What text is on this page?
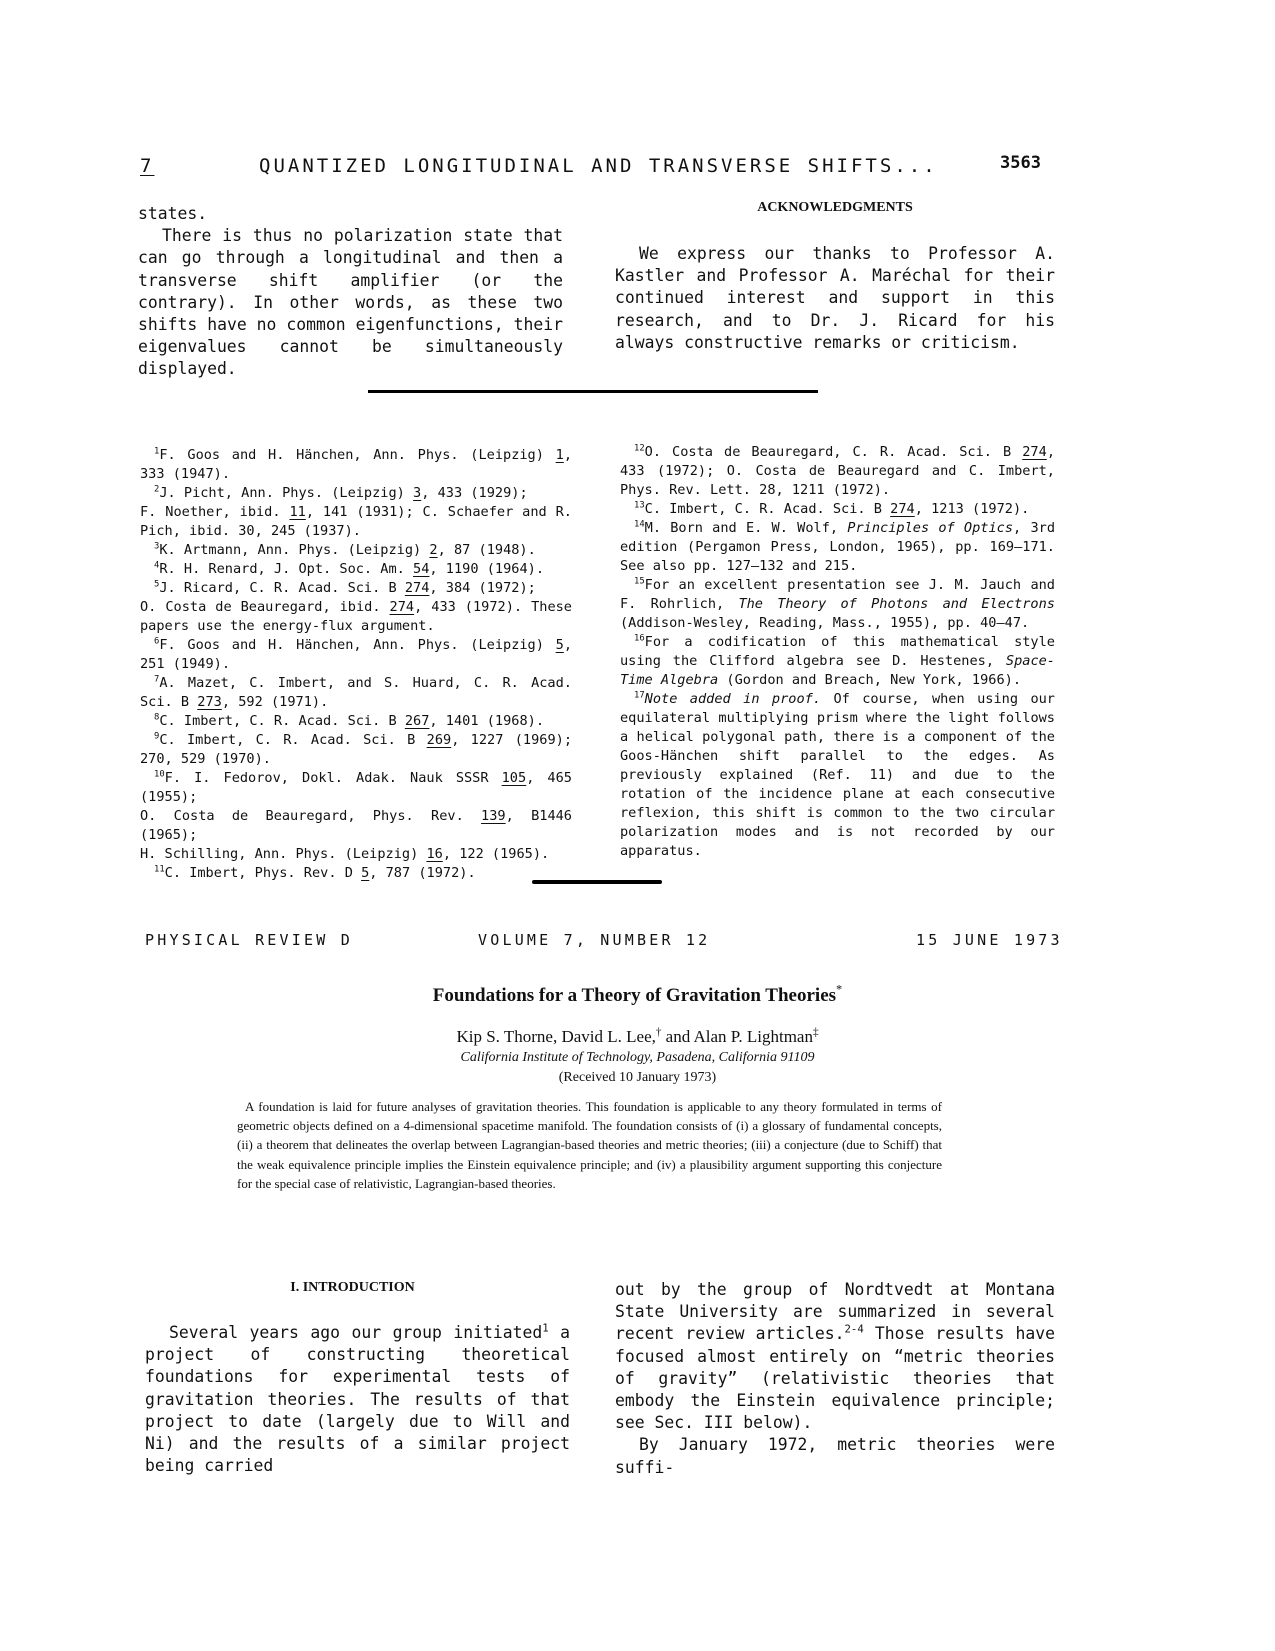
7	QUANTIZED LONGITUDINAL AND TRANSVERSE SHIFTS...	3563

states.

There is thus no polarization state that can go through a longitudinal and then a transverse shift amplifier (or the contrary). In other words, as these two shifts have no common eigenfunctions, their eigenvalues cannot be simultaneously displayed.

ACKNOWLEDGMENTS
We express our thanks to Professor A. Kastler and Professor A. Maréchal for their continued interest and support in this research, and to Dr. J. Ricard for his always constructive remarks or criticism.

$^1$F. Goos and H. Hänchen, Ann. Phys. (Leipzig) 1, 333 (1947).

$^2$J. Picht, Ann. Phys. (Leipzig) 3, 433 (1929);

F. Noether, ibid. 11, 141 (1931); C. Schaefer and R. Pich, ibid. 30, 245 (1937).

$^3$K. Artmann, Ann. Phys. (Leipzig) 2, 87 (1948).

$^4$R. H. Renard, J. Opt. Soc. Am. 54, 1190 (1964).

$^5$J. Ricard, C. R. Acad. Sci. B 274, 384 (1972);

O. Costa de Beauregard, ibid. 274, 433 (1972). These papers use the energy-flux argument.

$^6$F. Goos and H. Hänchen, Ann. Phys. (Leipzig) 5, 251 (1949).

$^7$A. Mazet, C. Imbert, and S. Huard, C. R. Acad. Sci. B 273, 592 (1971).

$^8$C. Imbert, C. R. Acad. Sci. B 267, 1401 (1968).

$^9$C. Imbert, C. R. Acad. Sci. B 269, 1227 (1969); 270, 529 (1970).

$^{10}$F. I. Fedorov, Dokl. Adak. Nauk SSSR 105, 465 (1955);

O. Costa de Beauregard, Phys. Rev. 139, B1446 (1965);

H. Schilling, Ann. Phys. (Leipzig) 16, 122 (1965).

$^{11}$C. Imbert, Phys. Rev. D 5, 787 (1972).

$^{12}$O. Costa de Beauregard, C. R. Acad. Sci. B 274, 433 (1972); O. Costa de Beauregard and C. Imbert, Phys. Rev. Lett. 28, 1211 (1972).

$^{13}$C. Imbert, C. R. Acad. Sci. B 274, 1213 (1972).

$^{14}$M. Born and E. W. Wolf, Principles of Optics, 3rd edition (Pergamon Press, London, 1965), pp. 169–171. See also pp. 127–132 and 215.

$^{15}$For an excellent presentation see J. M. Jauch and F. Rohrlich, The Theory of Photons and Electrons (Addison-Wesley, Reading, Mass., 1955), pp. 40–47.

$^{16}$For a codification of this mathematical style using the Clifford algebra see D. Hestenes, Space-Time Algebra (Gordon and Breach, New York, 1966).

$^{17}$Note added in proof. Of course, when using our equilateral multiplying prism where the light follows a helical polygonal path, there is a component of the Goos-Hänchen shift parallel to the edges. As previously explained (Ref. 11) and due to the rotation of the incidence plane at each consecutive reflexion, this shift is common to the two circular polarization modes and is not recorded by our apparatus.

PHYSICAL REVIEW D	VOLUME 7, NUMBER 12	15 JUNE 1973
Foundations for a Theory of Gravitation Theories*
Kip S. Thorne, David L. Lee,† and Alan P. Lightman‡
California Institute of Technology, Pasadena, California 91109
(Received 10 January 1973)
A foundation is laid for future analyses of gravitation theories. This foundation is applicable to any theory formulated in terms of geometric objects defined on a 4-dimensional spacetime manifold. The foundation consists of (i) a glossary of fundamental concepts, (ii) a theorem that delineates the overlap between Lagrangian-based theories and metric theories; (iii) a conjecture (due to Schiff) that the weak equivalence principle implies the Einstein equivalence principle; and (iv) a plausibility argument supporting this conjecture for the special case of relativistic, Lagrangian-based theories.
I. INTRODUCTION
Several years ago our group initiated$^1$ a project of constructing theoretical foundations for experimental tests of gravitation theories. The results of that project to date (largely due to Will and Ni) and the results of a similar project being carried

out by the group of Nordtvedt at Montana State University are summarized in several recent review articles.$^{2-4}$ Those results have focused almost entirely on “metric theories of gravity” (relativistic theories that embody the Einstein equivalence principle; see Sec. III below).

By January 1972, metric theories were suffi-
